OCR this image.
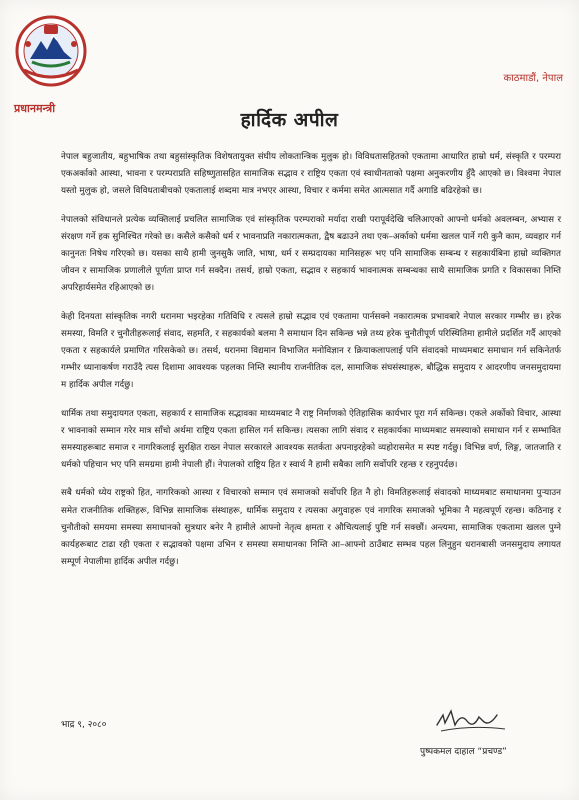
प्रधानमन्त्री
काठमाडौं, नेपाल
हार्दिक अपील

नेपाल बहुजातीय, बहुभाषिक तथा बहुसांस्कृतिक विशेषतायुक्त संघीय लोकतान्त्रिक मुलुक हो। विविधतासहितको एकतामा आधारित हाम्रो धर्म, संस्कृति र परम्परा एकअर्काको आस्था, भावना र परम्पराप्रति सहिष्णुतासहित सामाजिक सद्भाव र राष्ट्रिय एकता एवं स्वाधीनताको पक्षमा अनुकरणीय हुँदै आएको छ। विश्वमा नेपाल यस्तो मुलुक हो, जसले विविधताबीचको एकतालाई शब्दमा मात्र नभएर आस्था, विचार र कर्ममा समेत आत्मसात गर्दै अगाडि बढिरहेको छ।

नेपालको संविधानले प्रत्येक व्यक्तिलाई प्रचलित सामाजिक एवं सांस्कृतिक परम्पराको मर्यादा राखी परापूर्वदेखि चलिआएको आफ्नो धर्मको अवलम्बन, अभ्यास र संरक्षण गर्ने हक सुनिश्चित गरेको छ। कसैले कसैको धर्म र भावनाप्रति नकारात्मकता, द्वैष बढाउने तथा एक–अर्काको धर्ममा खलल पार्ने गरी कुनै काम, व्यवहार गर्न कानुनतः निषेध गरिएको छ। यसका साथै हामी जुनसुकै जाति, भाषा, धर्म र सम्प्रदायका मानिसहरू भए पनि सामाजिक सम्बन्ध र सहकार्यबिना हाम्रो व्यक्तिगत जीवन र सामाजिक प्रणालीले पूर्णता प्राप्त गर्न सक्दैन। तसर्थ, हाम्रो एकता, सद्भाव र सहकार्य भावनात्मक सम्बन्धका साथै सामाजिक प्रगति र विकासका निम्ति अपरिहार्यसमेत रहिआएको छ।

केही दिनयता सांस्कृतिक नगरी धरानमा भइरहेका गतिविधि र त्यसले हाम्रो सद्भाव एवं एकतामा पार्नसक्ने नकारात्मक प्रभावबारे नेपाल सरकार गम्भीर छ। हरेक समस्या, विमति र चुनौतीहरूलाई संवाद, सहमति, र सहकार्यको बलमा नै समाधान दिन सकिन्छ भन्ने तथ्य हरेक चुनौतीपूर्ण परिस्थितिमा हामीले प्रदर्शित गर्दै आएको एकता र सहकार्यले प्रमाणित गरिसकेको छ। तसर्थ, धरानमा विद्यमान विभाजित मनोविज्ञान र क्रियाकलापलाई पनि संवादको माध्यमबाट समाधान गर्न सकिनेतर्फ गम्भीर ध्यानाकर्षण गराउँदै त्यस दिशामा आवश्यक पहलका निम्ति स्थानीय राजनीतिक दल, सामाजिक संघसंस्थाहरू, बौद्धिक समुदाय र आदरणीय जनसमुदायमा म हार्दिक अपील गर्दछु।

धार्मिक तथा समुदायगत एकता, सहकार्य र सामाजिक सद्भावका माध्यमबाट नै राष्ट्र निर्माणको ऐतिहासिक कार्यभार पूरा गर्न सकिन्छ। एकले अर्कोको विचार, आस्था र भावनाको सम्मान गरेर मात्र साँचो अर्थमा राष्ट्रिय एकता हासिल गर्न सकिन्छ। त्यसका लागि संवाद र सहकार्यका माध्यमबाट समस्याको समाधान गर्न र सम्भावित समस्याहरूबाट समाज र नागरिकलाई सुरक्षित राख्न नेपाल सरकारले आवश्यक सतर्कता अपनाइरहेको व्यहोरासमेत म स्पष्ट गर्दछु। विभिन्न वर्ण, लिङ्ग, जातजाति र धर्मको पहिचान भए पनि समग्रमा हामी नेपाली हौं। नेपालको राष्ट्रिय हित र स्वार्थ नै हामी सबैका लागि सर्वोपरि रहन्छ र रहनुपर्दछ।

सबै धर्मको ध्येय राष्ट्रको हित, नागरिकको आस्था र विचारको सम्मान एवं समाजको सर्वोपरि हित नै हो। विमतिहरूलाई संवादको माध्यमबाट समाधानमा पुऱ्याउन समेत राजनीतिक शक्तिहरू, विभिन्न सामाजिक संस्थाहरू, धार्मिक समुदाय र त्यसका अगुवाहरू एवं नागरिक समाजको भूमिका नै महत्वपूर्ण रहन्छ। कठिनाइ र चुनौतीको समयमा समस्या समाधानको सुत्रधार बनेर नै हामीले आफ्नो नेतृत्व क्षमता र औचित्यलाई पुष्टि गर्न सक्छौं। अन्त्यमा, सामाजिक एकतामा खलल पुग्ने कार्यहरूबाट टाढा रही एकता र सद्भावको पक्षमा उभिन र समस्या समाधानका निम्ति आ–आफ्नो ठाउँबाट सम्भव पहल लिनुहुन धरानबासी जनसमुदाय लगायत सम्पूर्ण नेपालीमा हार्दिक अपील गर्दछु।

भाद्र ९, २०८०
पुष्पकमल दाहाल “प्रचण्ड”
